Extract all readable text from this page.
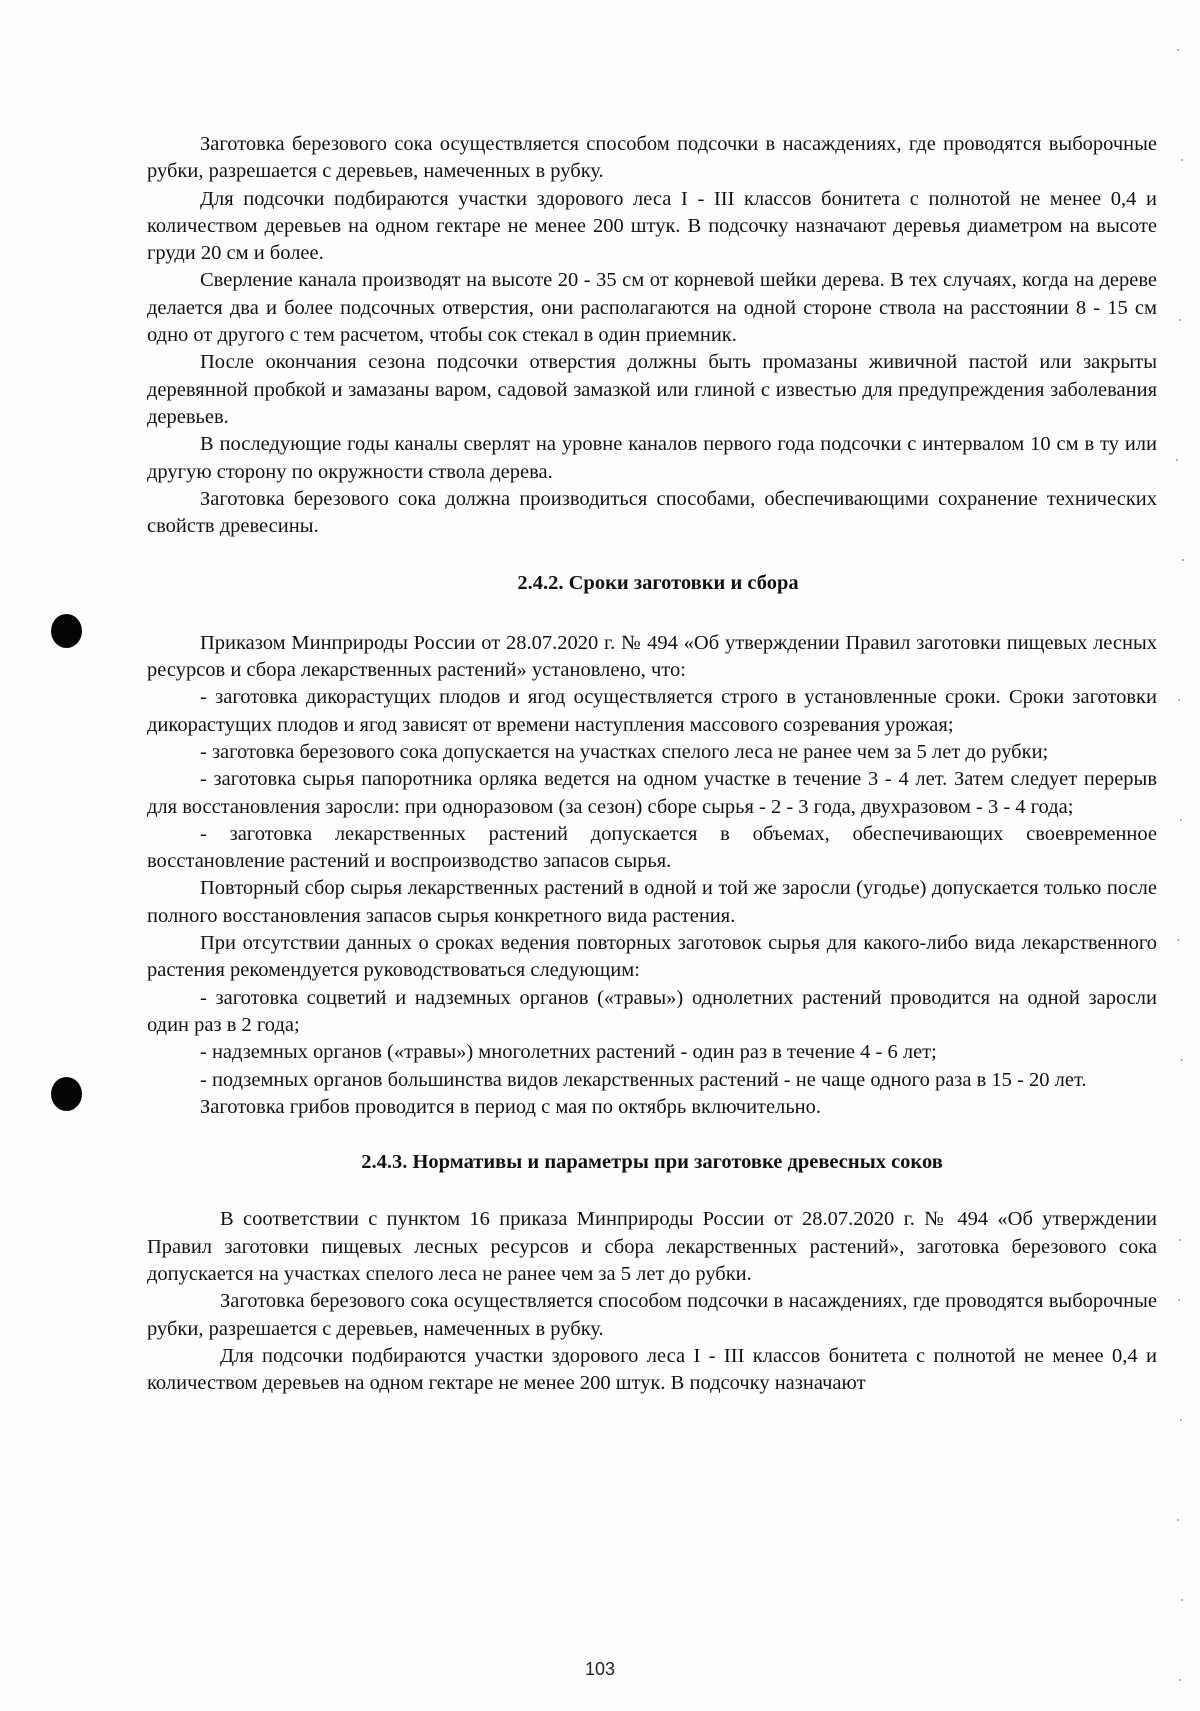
Заготовка березового сока осуществляется способом подсочки в насаждениях, где проводятся выборочные рубки, разрешается с деревьев, намеченных в рубку.

Для подсочки подбираются участки здорового леса I - III классов бонитета с полнотой не менее 0,4 и количеством деревьев на одном гектаре не менее 200 штук. В подсочку назначают деревья диаметром на высоте груди 20 см и более.

Сверление канала производят на высоте 20 - 35 см от корневой шейки дерева. В тех случаях, когда на дереве делается два и более подсочных отверстия, они располагаются на одной стороне ствола на расстоянии 8 - 15 см одно от другого с тем расчетом, чтобы сок стекал в один приемник.

После окончания сезона подсочки отверстия должны быть промазаны живичной пастой или закрыты деревянной пробкой и замазаны варом, садовой замазкой или глиной с известью для предупреждения заболевания деревьев.

В последующие годы каналы сверлят на уровне каналов первого года подсочки с интервалом 10 см в ту или другую сторону по окружности ствола дерева.

Заготовка березового сока должна производиться способами, обеспечивающими сохранение технических свойств древесины.

2.4.2. Сроки заготовки и сбора

Приказом Минприроды России от 28.07.2020 г. № 494 «Об утверждении Правил заготовки пищевых лесных ресурсов и сбора лекарственных растений» установлено, что:

- заготовка дикорастущих плодов и ягод осуществляется строго в установленные сроки. Сроки заготовки дикорастущих плодов и ягод зависят от времени наступления массового созревания урожая;

- заготовка березового сока допускается на участках спелого леса не ранее чем за 5 лет до рубки;

- заготовка сырья папоротника орляка ведется на одном участке в течение 3 - 4 лет. Затем следует перерыв для восстановления заросли: при одноразовом (за сезон) сборе сырья - 2 - 3 года, двухразовом - 3 - 4 года;

- заготовка лекарственных растений допускается в объемах, обеспечивающих своевременное восстановление растений и воспроизводство запасов сырья.

Повторный сбор сырья лекарственных растений в одной и той же заросли (угодье) допускается только после полного восстановления запасов сырья конкретного вида растения.

При отсутствии данных о сроках ведения повторных заготовок сырья для какого-либо вида лекарственного растения рекомендуется руководствоваться следующим:

- заготовка соцветий и надземных органов («травы») однолетних растений проводится на одной заросли один раз в 2 года;

- надземных органов («травы») многолетних растений - один раз в течение 4 - 6 лет;

- подземных органов большинства видов лекарственных растений - не чаще одного раза в 15 - 20 лет.

Заготовка грибов проводится в период с мая по октябрь включительно.

2.4.3. Нормативы и параметры при заготовке древесных соков

В соответствии с пунктом 16 приказа Минприроды России от 28.07.2020 г. № 494 «Об утверждении Правил заготовки пищевых лесных ресурсов и сбора лекарственных растений», заготовка березового сока допускается на участках спелого леса не ранее чем за 5 лет до рубки.

Заготовка березового сока осуществляется способом подсочки в насаждениях, где проводятся выборочные рубки, разрешается с деревьев, намеченных в рубку.

Для подсочки подбираются участки здорового леса I - III классов бонитета с полнотой не менее 0,4 и количеством деревьев на одном гектаре не менее 200 штук. В подсочку назначают

103
